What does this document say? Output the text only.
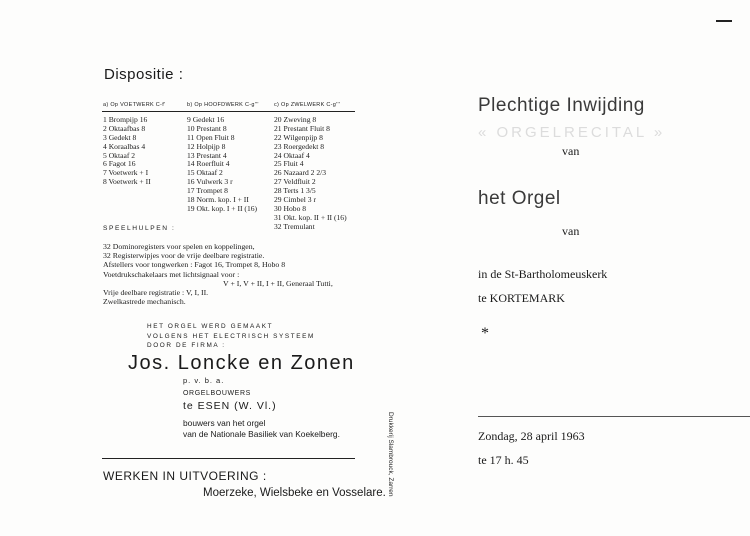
Dispositie :
a) Op VOETWERK C-f'
1 Brompijp 16
2 Oktaafbas 8
3 Gedekt 8
4 Koraalbas 4
5 Oktaaf 2
6 Fagot 16
7 Voetwerk + I
8 Voetwerk + II
b) Op HOOFDWERK C-g'''
9 Gedekt 16
10 Prestant 8
11 Open Fluit 8
12 Holpijp 8
13 Prestant 4
14 Roerfluit 4
15 Oktaaf 2
16 Vulwerk 3 r
17 Trompet 8
18 Norm. kop. I + II
19 Okt. kop. I + II (16)
c) Op ZWELWERK C-g'''
20 Zweving 8
21 Prestant Fluit 8
22 Wilgenpijp 8
23 Roergedekt 8
24 Oktaaf 4
25 Fluit 4
26 Nazaard 2 2/3
27 Veldfluit 2
28 Terts 1 3/5
29 Cimbel 3 r
30 Hobo 8
31 Okt. kop. II + II (16)
32 Tremulant
SPEELHULPEN :
32 Dominoregisters voor spelen en koppelingen,
32 Registerwipjes voor de vrije deelbare registratie.
Afstellers voor tongwerken : Fagot 16, Trompet 8, Hobo 8
Voetdrukschakelaars met lichtsignaal voor :
V + I, V + II, I + II, Generaal Tutti,
Vrije deelbare registratie : V, I, II.
Zwelkastrede mechanisch.
HET ORGEL WERD GEMAAKT
VOLGENS HET ELECTRISCH SYSTEEM
DOOR DE FIRMA :
Jos. Loncke en Zonen
p. v. b. a.
ORGELBOUWERS
te ESEN (W. Vl.)
bouwers van het orgel
van de Nationale Basiliek van Koekelberg.
WERKEN IN UITVOERING :
Moerzeke, Wielsbeke en Vosselare. Drukkerij Slambrouck, Zarren
« ORGELRECITAL »
Plechtige Inwijding
van
het Orgel
van
in de St-Bartholomeuskerk
te KORTEMARK
*
Zondag, 28 april 1963
te 17 h. 45
